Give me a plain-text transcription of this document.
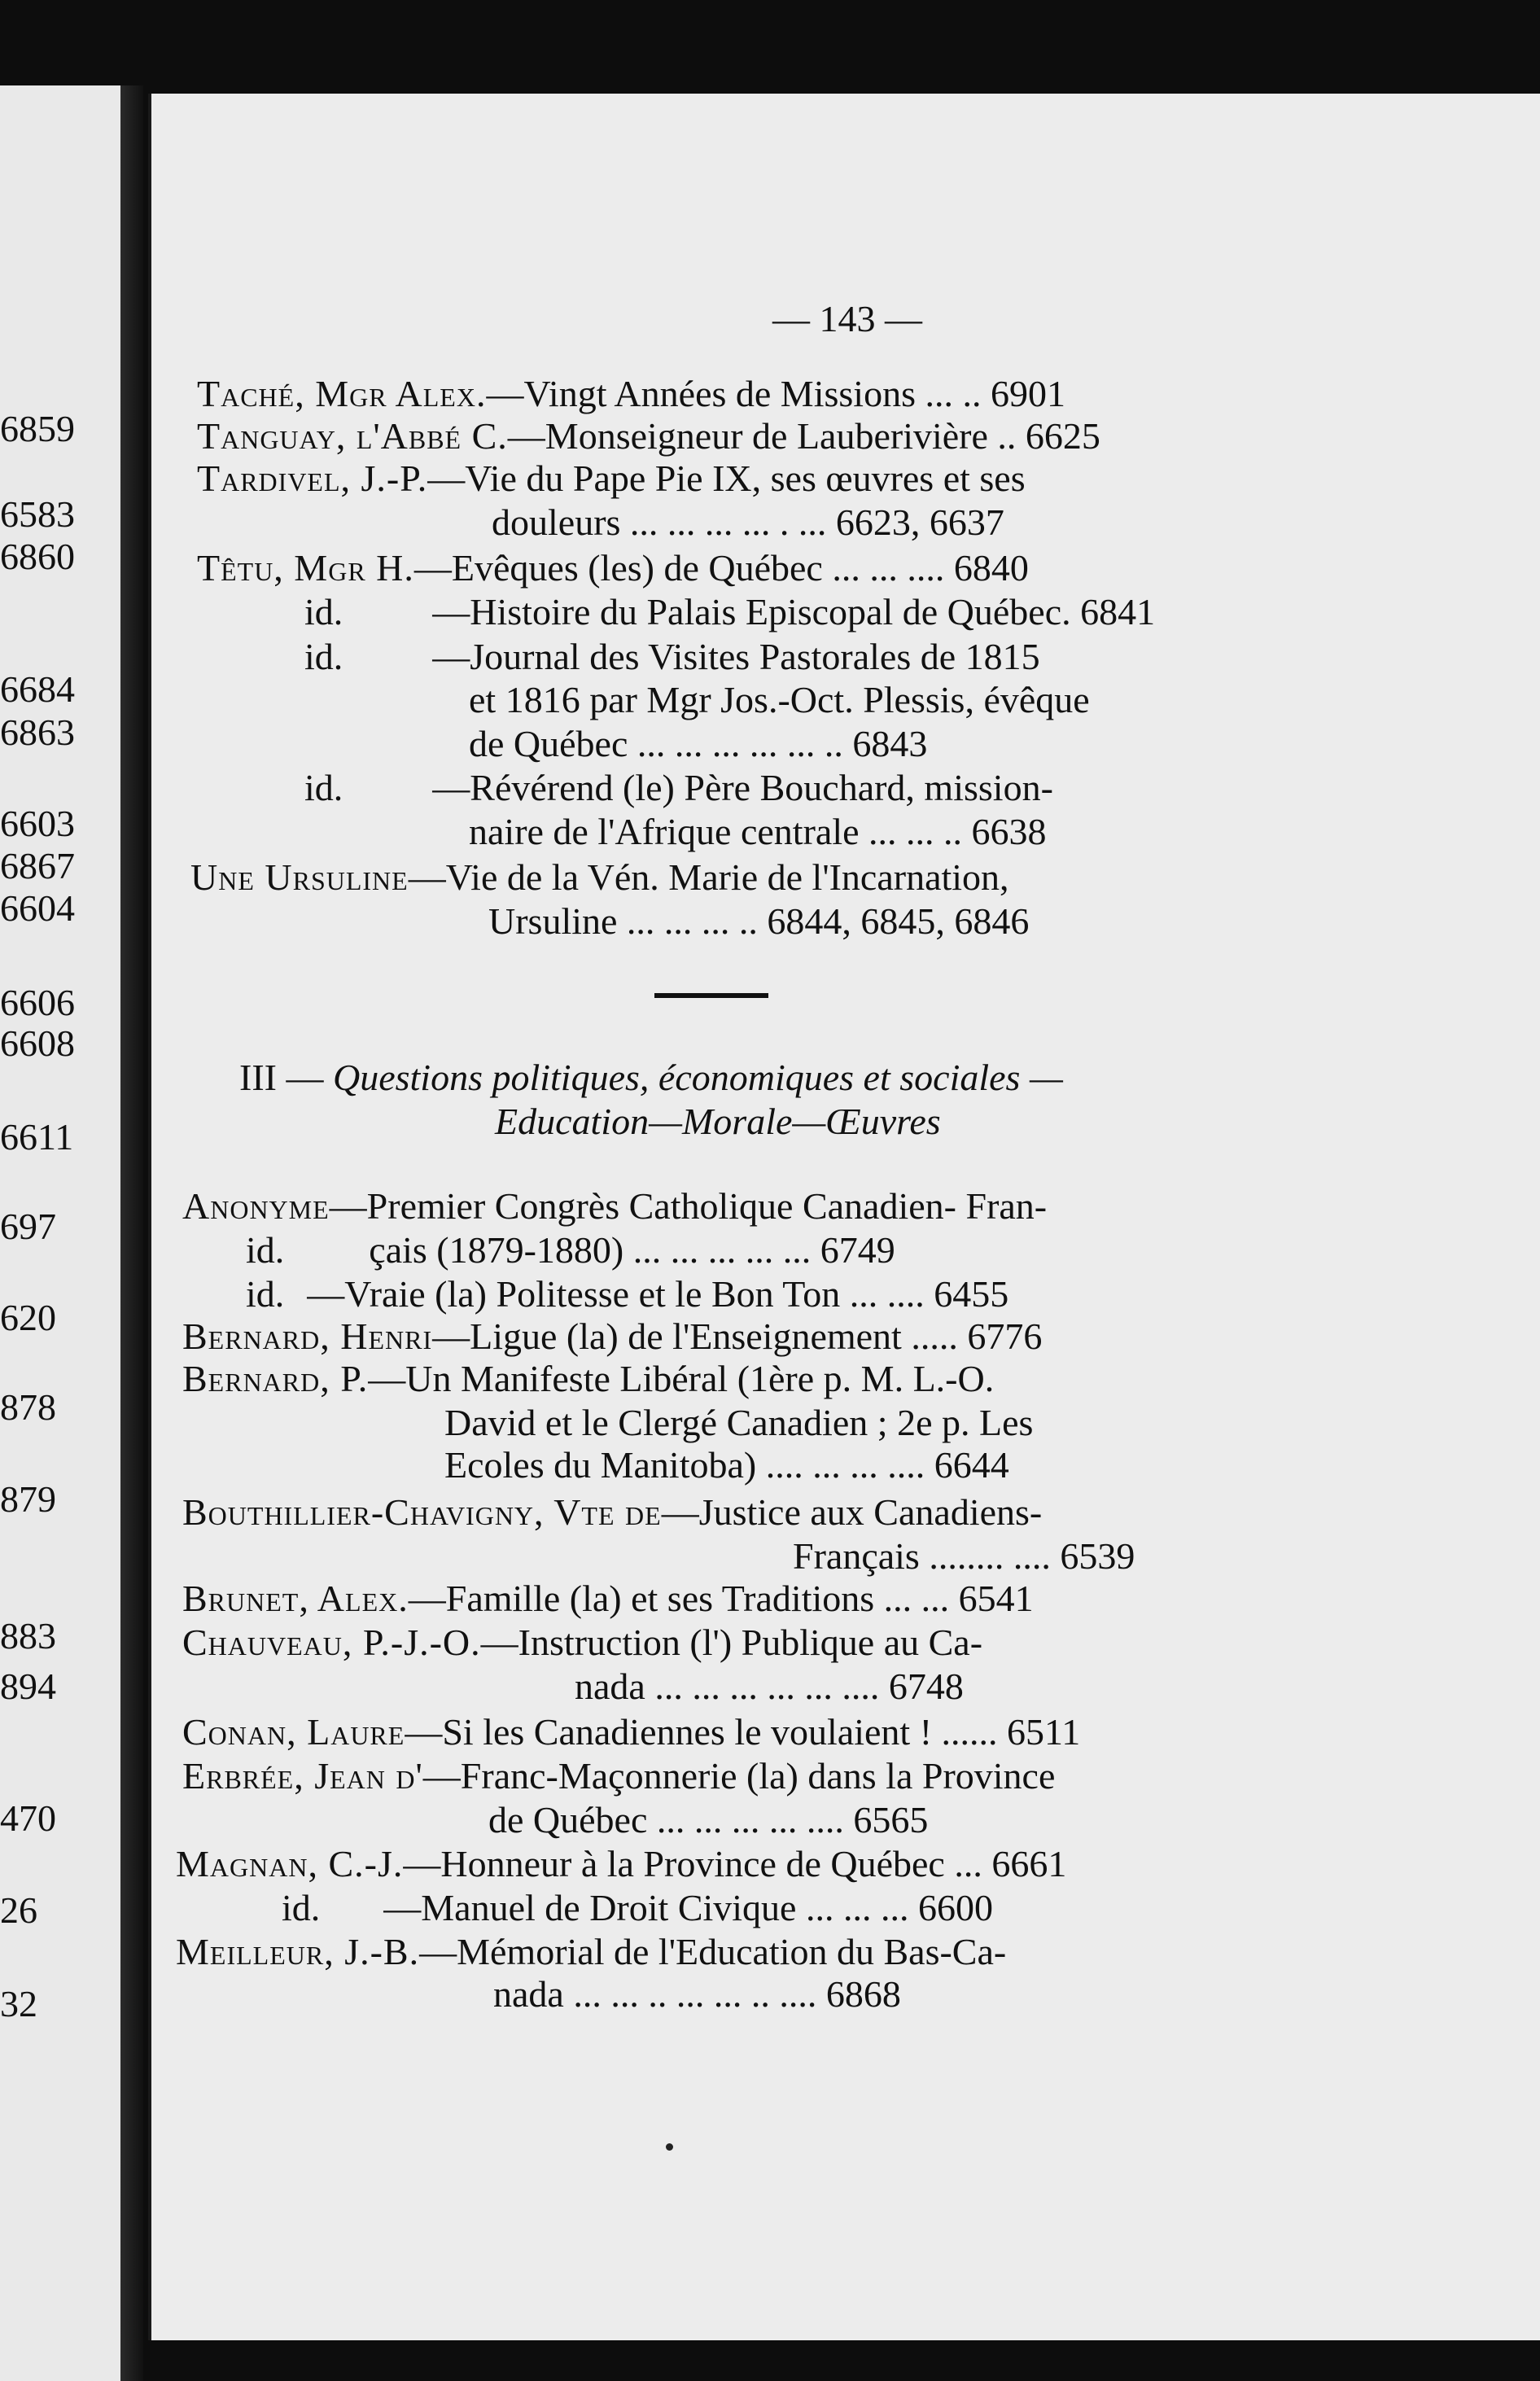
6859
6583
6860
6684
6863
6603
6867
6604
6606
6608
6611
697
620
878
879
883
894
470
26
32
— 143 —
Taché, Mgr Alex.—Vingt Années de Missions ... .. 6901
Tanguay, l'Abbé C.—Monseigneur de Lauberivière .. 6625
Tardivel, J.-P.—Vie du Pape Pie IX, ses œuvres et ses
douleurs ... ... ... ... . ... 6623, 6637
Têtu, Mgr H.—Evêques (les) de Québec ... ... .... 6840
id. —Histoire du Palais Episcopal de Québec. 6841
id. —Journal des Visites Pastorales de 1815
et 1816 par Mgr Jos.-Oct. Plessis, évêque
de Québec ... ... ... ... ... .. 6843
id. —Révérend (le) Père Bouchard, mission-
naire de l'Afrique centrale ... ... .. 6638
Une Ursuline—Vie de la Vén. Marie de l'Incarnation,
Ursuline ... ... ... .. 6844, 6845, 6846
III — Questions politiques, économiques et sociales —
Education—Morale—Œuvres
Anonyme—Premier Congrès Catholique Canadien- Fran-
id. çais (1879-1880) ... ... ... ... ... 6749
id. —Vraie (la) Politesse et le Bon Ton ... .... 6455
Bernard, Henri—Ligue (la) de l'Enseignement ..... 6776
Bernard, P.—Un Manifeste Libéral (1ère p. M. L.-O.
David et le Clergé Canadien ; 2e p. Les
Ecoles du Manitoba) .... ... ... .... 6644
Bouthillier-Chavigny, Vte de—Justice aux Canadiens-
Français ........ .... 6539
Brunet, Alex.—Famille (la) et ses Traditions ... ... 6541
Chauveau, P.-J.-O.—Instruction (l') Publique au Ca-
nada ... ... ... ... ... .... 6748
Conan, Laure—Si les Canadiennes le voulaient ! ...... 6511
Erbrée, Jean d'—Franc-Maçonnerie (la) dans la Province
de Québec ... ... ... ... .... 6565
Magnan, C.-J.—Honneur à la Province de Québec ... 6661
id. —Manuel de Droit Civique ... ... ... 6600
Meilleur, J.-B.—Mémorial de l'Education du Bas-Ca-
nada ... ... .. ... ... .. .... 6868
